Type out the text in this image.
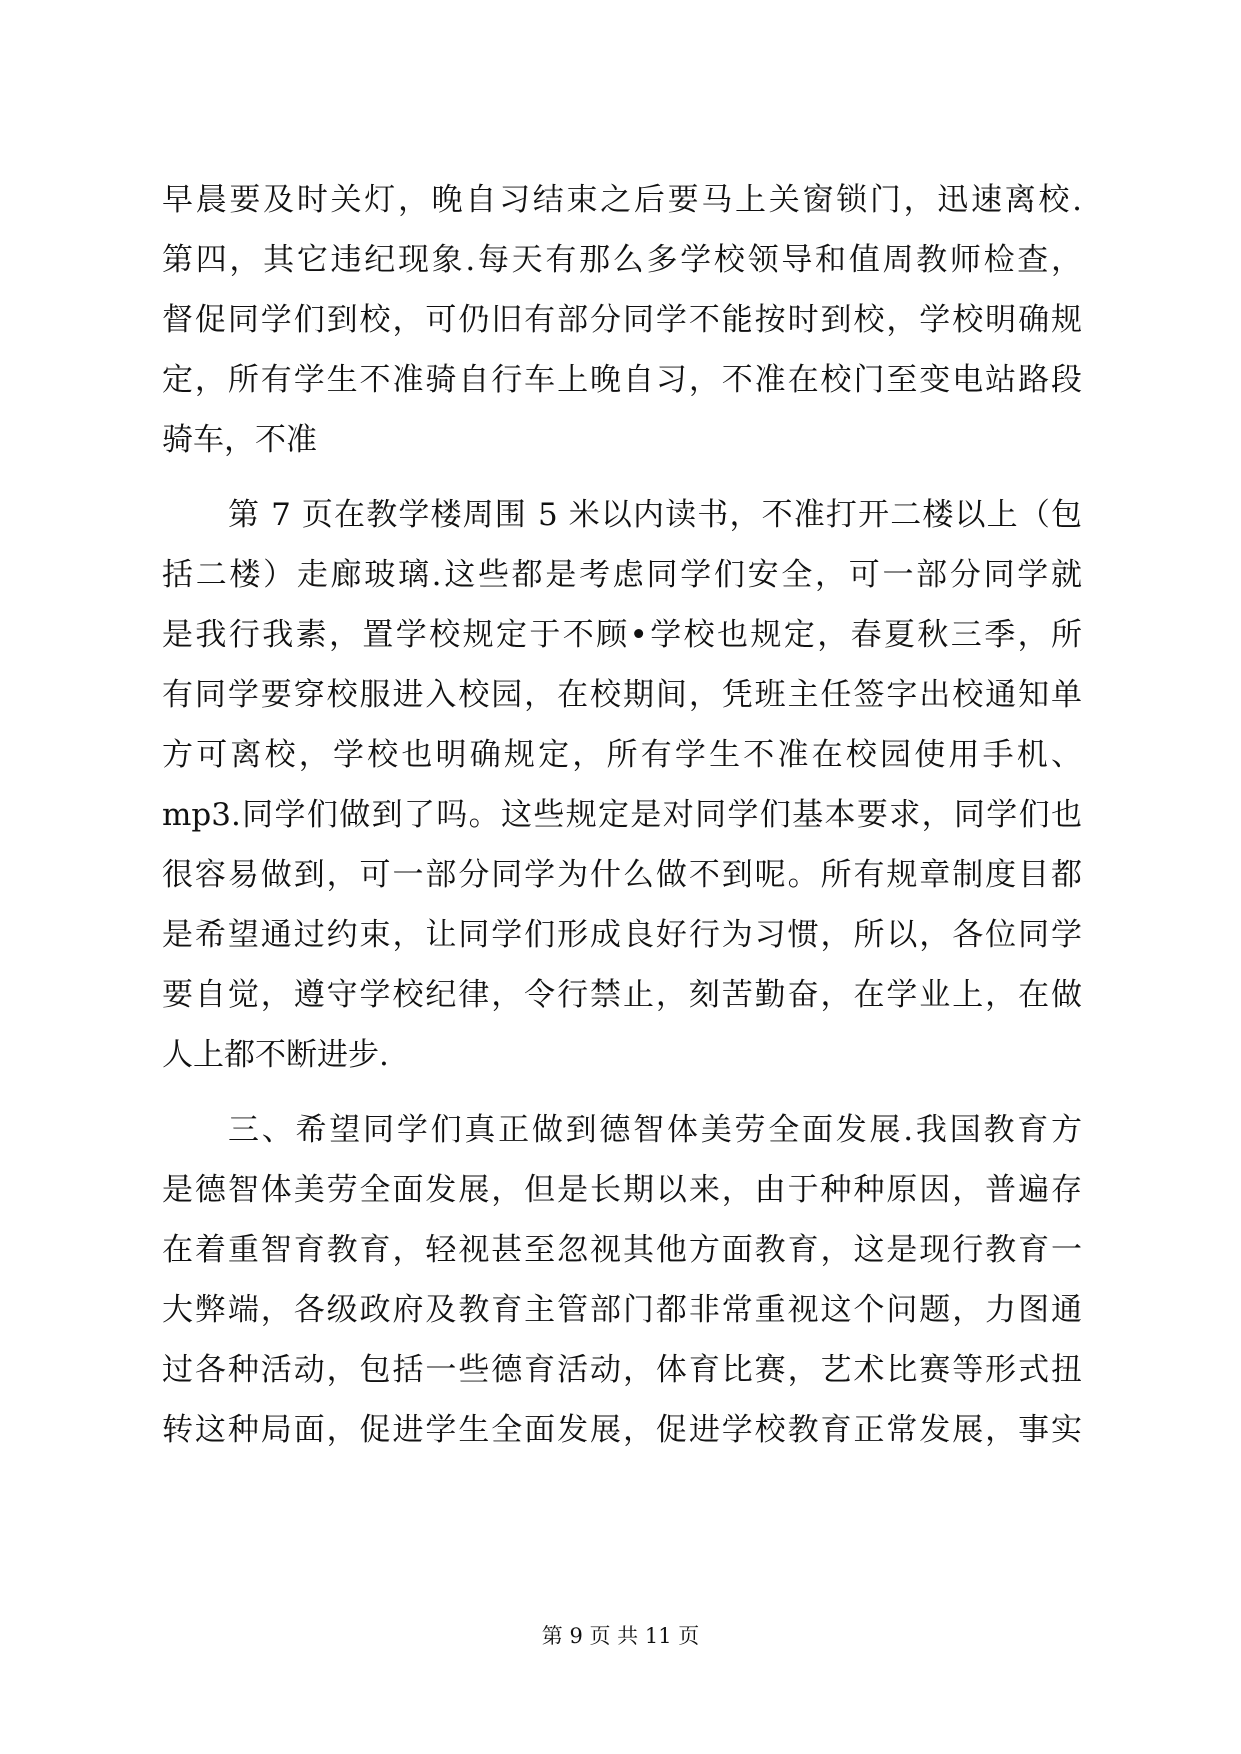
早晨要及时关灯，晚自习结束之后要马上关窗锁门，迅速离校.
第四，其它违纪现象.每天有那么多学校领导和值周教师检查，
督促同学们到校，可仍旧有部分同学不能按时到校，学校明确规
定，所有学生不准骑自行车上晚自习，不准在校门至变电站路段
骑车，不准
第 7 页在教学楼周围 5 米以内读书，不准打开二楼以上（包
括二楼）走廊玻璃.这些都是考虑同学们安全，可一部分同学就
是我行我素，置学校规定于不顾•学校也规定，春夏秋三季，所
有同学要穿校服进入校园，在校期间，凭班主任签字出校通知单
方可离校，学校也明确规定，所有学生不准在校园使用手机、
mp3.同学们做到了吗。这些规定是对同学们基本要求，同学们也
很容易做到，可一部分同学为什么做不到呢。所有规章制度目都
是希望通过约束，让同学们形成良好行为习惯，所以，各位同学
要自觉，遵守学校纪律，令行禁止，刻苦勤奋，在学业上，在做
人上都不断进步.
三、希望同学们真正做到德智体美劳全面发展.我国教育方
是德智体美劳全面发展，但是长期以来，由于种种原因，普遍存
在着重智育教育，轻视甚至忽视其他方面教育，这是现行教育一
大弊端，各级政府及教育主管部门都非常重视这个问题，力图通
过各种活动，包括一些德育活动，体育比赛，艺术比赛等形式扭
转这种局面，促进学生全面发展，促进学校教育正常发展，事实
第 9 页 共 11 页
